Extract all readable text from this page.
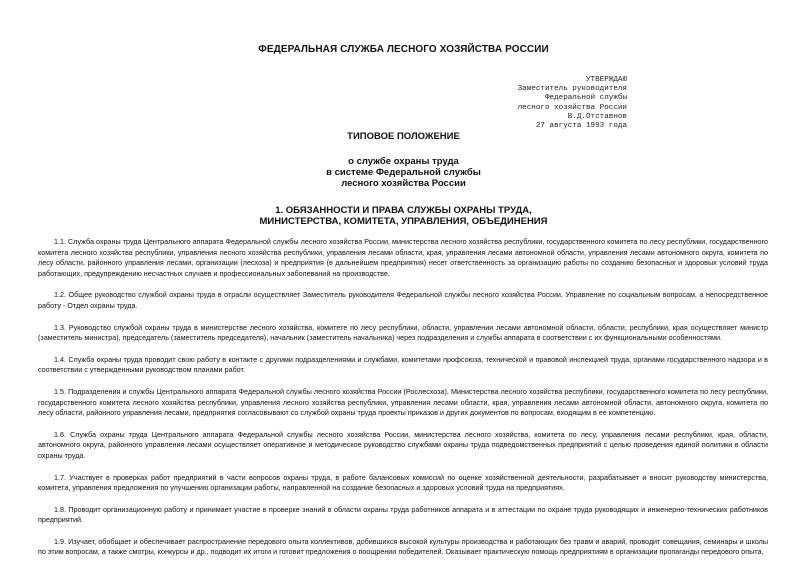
ФЕДЕРАЛЬНАЯ СЛУЖБА ЛЕСНОГО ХОЗЯЙСТВА РОССИИ
УТВЕРЖДАЮ
Заместитель руководителя
Федеральной службы
лесного хозяйства России
В.Д.Отставнов
27 августа 1993 года
ТИПОВОЕ ПОЛОЖЕНИЕ
о службе охраны труда
в системе Федеральной службы
лесного хозяйства России
1. ОБЯЗАННОСТИ И ПРАВА СЛУЖБЫ ОХРАНЫ ТРУДА,
МИНИСТЕРСТВА, КОМИТЕТА, УПРАВЛЕНИЯ, ОБЪЕДИНЕНИЯ

1.1. Служба охраны труда Центрального аппарата Федеральной службы лесного хозяйства России, министерства лесного хозяйства республики, государственного комитета по лесу республики, государственного комитета лесного хозяйства республики, управления лесного хозяйства республики, управления лесами области, края, управления лесами автономной области, управления лесами автономного округа, комитета по лесу области, районного управления лесами, организации (лесхоза) и предприятия (в дальнейшем предприятия) несет ответственность за организацию работы по созданию безопасных и здоровых условий труда работающих, предупреждению несчастных случаев и профессиональных заболеваний на производстве.

1.2. Общее руководство службой охраны труда в отрасли осуществляет Заместитель руководителя Федеральной службы лесного хозяйства России, Управление по социальным вопросам, а непосредственное работу - Отдел охраны труда.

1.3. Руководство службой охраны труда в министерстве лесного хозяйства, комитете по лесу республики, области, управлении лесами автономной области, области, республики, края осуществляет министр (заместитель министра), председатель (заместитель председателя), начальник (заместитель начальника) через подразделения и службы аппарата в соответствии с их функциональными особенностями.

1.4. Служба охраны труда проводит свою работу в контакте с другими подразделениями и службами, комитетами профсоюза, технической и правовой инспекцией труда, органами государственного надзора и в соответствии с утвержденными руководством планами работ.

1.5. Подразделения и службы Центрального аппарата Федеральной службы лесного хозяйства России (Рослесхоза), Министерства лесного хозяйства республики, государственного комитета по лесу республики, государственного комитета лесного хозяйства республики, управления лесного хозяйства республики, управления лесами области, края, управления лесами автономной области, автономного округа, комитета по лесу области, районного управления лесами, предприятия согласовывают со службой охраны труда проекты приказов и других документов по вопросам, входящим в ее компетенцию.

1.6. Служба охраны труда Центрального аппарата Федеральной службы лесного хозяйства России, министерства лесного хозяйства, комитета по лесу, управления лесами республики, края, области, автономного округа, районного управления лесами осуществляет оперативное и методическое руководство службами охраны труда подведомственных предприятий с целью проведения единой политики в области охраны труда.

1.7. Участвует в проверках работ предприятий в части вопросов охраны труда, в работе балансовых комиссий по оценке хозяйственной деятельности, разрабатывает и вносит руководству министерства, комитета, управления предложения по улучшению организации работы, направленной на создание безопасных и здоровых условий труда на предприятиях.

1.8. Проводит организационную работу и принимает участие в проверке знаний в области охраны труда работников аппарата и в аттестации по охране труда руководящих и инженерно-технических работников предприятий.

1.9. Изучает, обобщает и обеспечивает распространение передового опыта коллективов, добившихся высокой культуры производства и работающих без травм и аварий, проводит совещания, семинары и школы по этим вопросам, а также смотры, конкурсы и др., подводит их итоги и готовит предложения о поощрении победителей. Оказывает практическую помощь предприятиям в организации пропаганды передового опыта,
